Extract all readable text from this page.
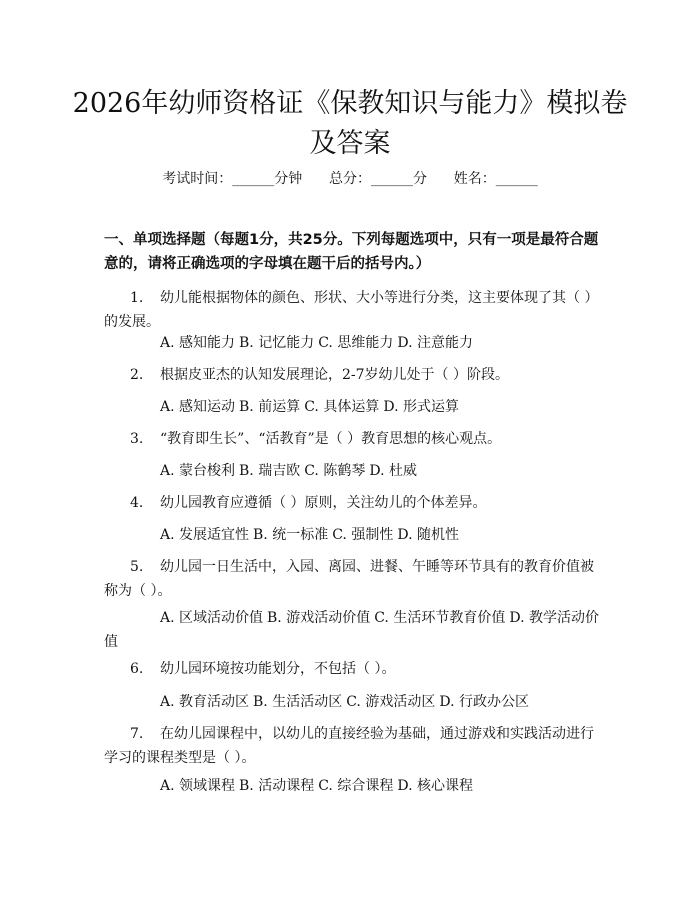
2026年幼师资格证《保教知识与能力》模拟卷及答案
考试时间：______分钟 总分：______分 姓名：______

一、单项选择题（每题1分，共25分。下列每题选项中，只有一项是最符合题意的，请将正确选项的字母填在题干后的括号内。）

1. 幼儿能根据物体的颜色、形状、大小等进行分类，这主要体现了其（ ）的发展。

A. 感知能力 B. 记忆能力 C. 思维能力 D. 注意能力

2. 根据皮亚杰的认知发展理论，2-7岁幼儿处于（ ）阶段。

A. 感知运动 B. 前运算 C. 具体运算 D. 形式运算

3. “教育即生长”、“活教育”是（ ）教育思想的核心观点。

A. 蒙台梭利 B. 瑞吉欧 C. 陈鹤琴 D. 杜威

4. 幼儿园教育应遵循（ ）原则，关注幼儿的个体差异。

A. 发展适宜性 B. 统一标准 C. 强制性 D. 随机性

5. 幼儿园一日生活中，入园、离园、进餐、午睡等环节具有的教育价值被称为（ ）。

A. 区域活动价值 B. 游戏活动价值 C. 生活环节教育价值 D. 教学活动价值

6. 幼儿园环境按功能划分，不包括（ ）。

A. 教育活动区 B. 生活活动区 C. 游戏活动区 D. 行政办公区

7. 在幼儿园课程中，以幼儿的直接经验为基础，通过游戏和实践活动进行学习的课程类型是（ ）。

A. 领域课程 B. 活动课程 C. 综合课程 D. 核心课程
